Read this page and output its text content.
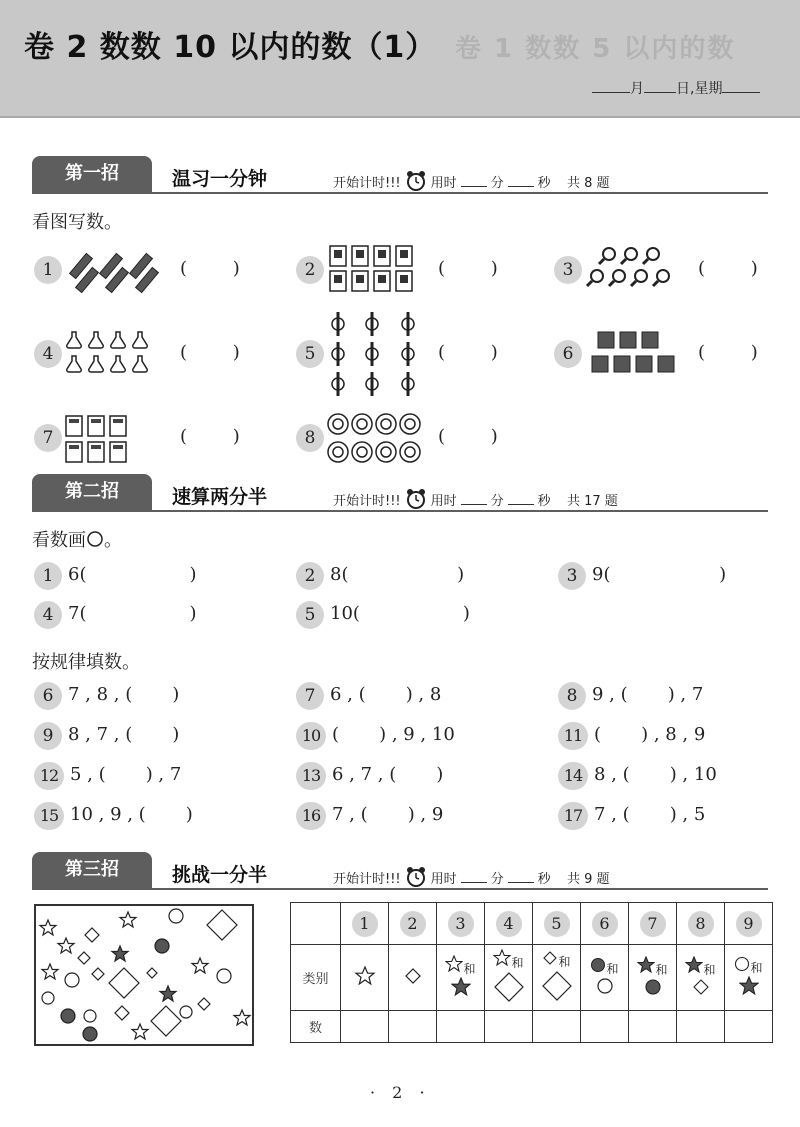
卷 1 数数 5 以内的数
卷 2 数数 10 以内的数（1）
月 日,星期
第一招	温习一分钟	开始计时!!! 用时	分	秒
共 8 题
看图写数。
1	(        )	2	(        )	3	(        )
4	(        )	5	(        )	6	(        )
7	(        )	8	(        )
第二招	速算两分半	开始计时!!! 用时	分	秒
共 17 题
看数画 。
1 6(                  )	2 8(                   )	3 9(                   )
4 7(                  )	5 10(                  )
按规律填数。
6 7 , 8 , (       )	7 6 , (       ) , 8	8 9 , (       ) , 7
9 8 , 7 , (       )	10 (       ) , 9 , 10	11 (       ) , 8 , 9
12 5 , (       ) , 7	13 6 , 7 , (       )	14 8 , (       ) , 10
15 10 , 9 , (       )	16 7 , (       ) , 9	17 7 , (       ) , 5
第三招	挑战一分半	开始计时!!! 用时	分	秒
共 9 题
	1	2	3	4	5	6	7	8	9
类别			和	和	和	和	和	和	和

数									
· 2 ·
